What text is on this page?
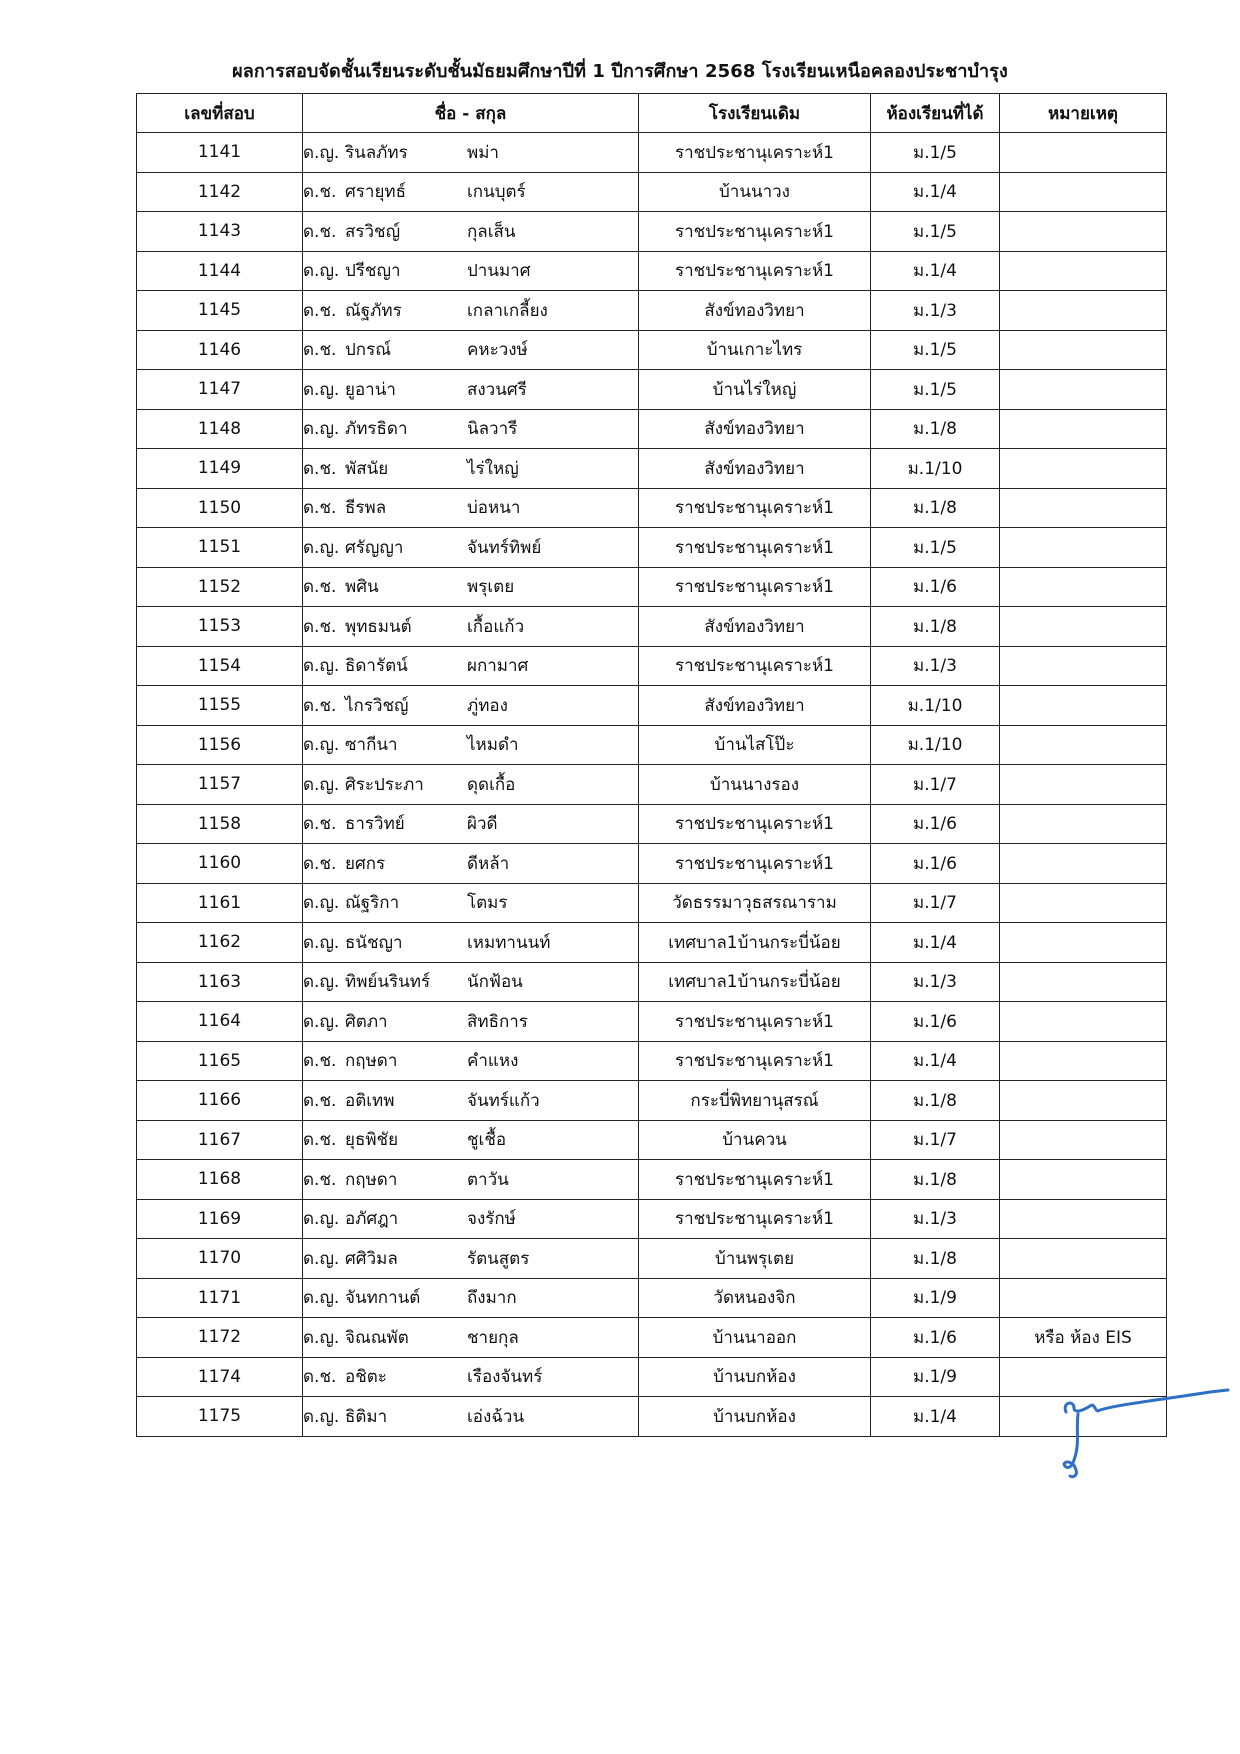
ผลการสอบจัดชั้นเรียนระดับชั้นมัธยมศึกษาปีที่ 1 ปีการศึกษา 2568 โรงเรียนเหนือคลองประชาบำรุง
เลขที่สอบ	ชื่อ - สกุล	โรงเรียนเดิม	ห้องเรียนที่ได้	หมายเหตุ
1141	ด.ญ. รินลภัทร พม่า	ราชประชานุเคราะห์1	ม.1/5	
1142	ด.ช. ศรายุทธ์ เกนบุตร์	บ้านนาวง	ม.1/4	
1143	ด.ช. สรวิชญ์ กุลเส็น	ราชประชานุเคราะห์1	ม.1/5	
1144	ด.ญ. ปรีชญา ปานมาศ	ราชประชานุเคราะห์1	ม.1/4	
1145	ด.ช. ณัฐภัทร เกลาเกลี้ยง	สังข์ทองวิทยา	ม.1/3	
1146	ด.ช. ปกรณ์ คหะวงษ์	บ้านเกาะไทร	ม.1/5	
1147	ด.ญ. ยูอาน่า สงวนศรี	บ้านไร่ใหญ่	ม.1/5	
1148	ด.ญ. ภัทรธิดา นิลวารี	สังข์ทองวิทยา	ม.1/8	
1149	ด.ช. พัสนัย ไร่ใหญ่	สังข์ทองวิทยา	ม.1/10	
1150	ด.ช. ธีรพล บ่อหนา	ราชประชานุเคราะห์1	ม.1/8	
1151	ด.ญ. ศรัญญา จันทร์ทิพย์	ราชประชานุเคราะห์1	ม.1/5	
1152	ด.ช. พศิน พรุเตย	ราชประชานุเคราะห์1	ม.1/6	
1153	ด.ช. พุทธมนต์ เกื้อแก้ว	สังข์ทองวิทยา	ม.1/8	
1154	ด.ญ. ธิดารัตน์ ผกามาศ	ราชประชานุเคราะห์1	ม.1/3	
1155	ด.ช. ไกรวิชญ์ ภู่ทอง	สังข์ทองวิทยา	ม.1/10	
1156	ด.ญ. ซากีนา ไหมดำ	บ้านไสโป๊ะ	ม.1/10	
1157	ด.ญ. ศิระประภา ดุดเกื้อ	บ้านนางรอง	ม.1/7	
1158	ด.ช. ธารวิทย์ ผิวดี	ราชประชานุเคราะห์1	ม.1/6	
1160	ด.ช. ยศกร ดีหล้า	ราชประชานุเคราะห์1	ม.1/6	
1161	ด.ญ. ณัฐริกา โตมร	วัดธรรมาวุธสรณาราม	ม.1/7	
1162	ด.ญ. ธนัชญา เหมทานนท์	เทศบาล1บ้านกระบี่น้อย	ม.1/4	
1163	ด.ญ. ทิพย์นรินทร์ นักฟ้อน	เทศบาล1บ้านกระบี่น้อย	ม.1/3	
1164	ด.ญ. ศิตภา สิทธิการ	ราชประชานุเคราะห์1	ม.1/6	
1165	ด.ช. กฤษดา คำแหง	ราชประชานุเคราะห์1	ม.1/4	
1166	ด.ช. อติเทพ จันทร์แก้ว	กระบี่พิทยานุสรณ์	ม.1/8	
1167	ด.ช. ยุธพิชัย ชูเชื้อ	บ้านควน	ม.1/7	
1168	ด.ช. กฤษดา ตาวัน	ราชประชานุเคราะห์1	ม.1/8	
1169	ด.ญ. อภัศฎา จงรักษ์	ราชประชานุเคราะห์1	ม.1/3	
1170	ด.ญ. ศศิวิมล รัตนสูตร	บ้านพรุเตย	ม.1/8	
1171	ด.ญ. จันทกานต์ ถึงมาก	วัดหนองจิก	ม.1/9	
1172	ด.ญ. จิณณพัต ชายกุล	บ้านนาออก	ม.1/6	หรือ ห้อง EIS
1174	ด.ช. อชิตะ เรืองจันทร์	บ้านบกห้อง	ม.1/9	
1175	ด.ญ. ธิติมา เอ่งฉ้วน	บ้านบกห้อง	ม.1/4	
